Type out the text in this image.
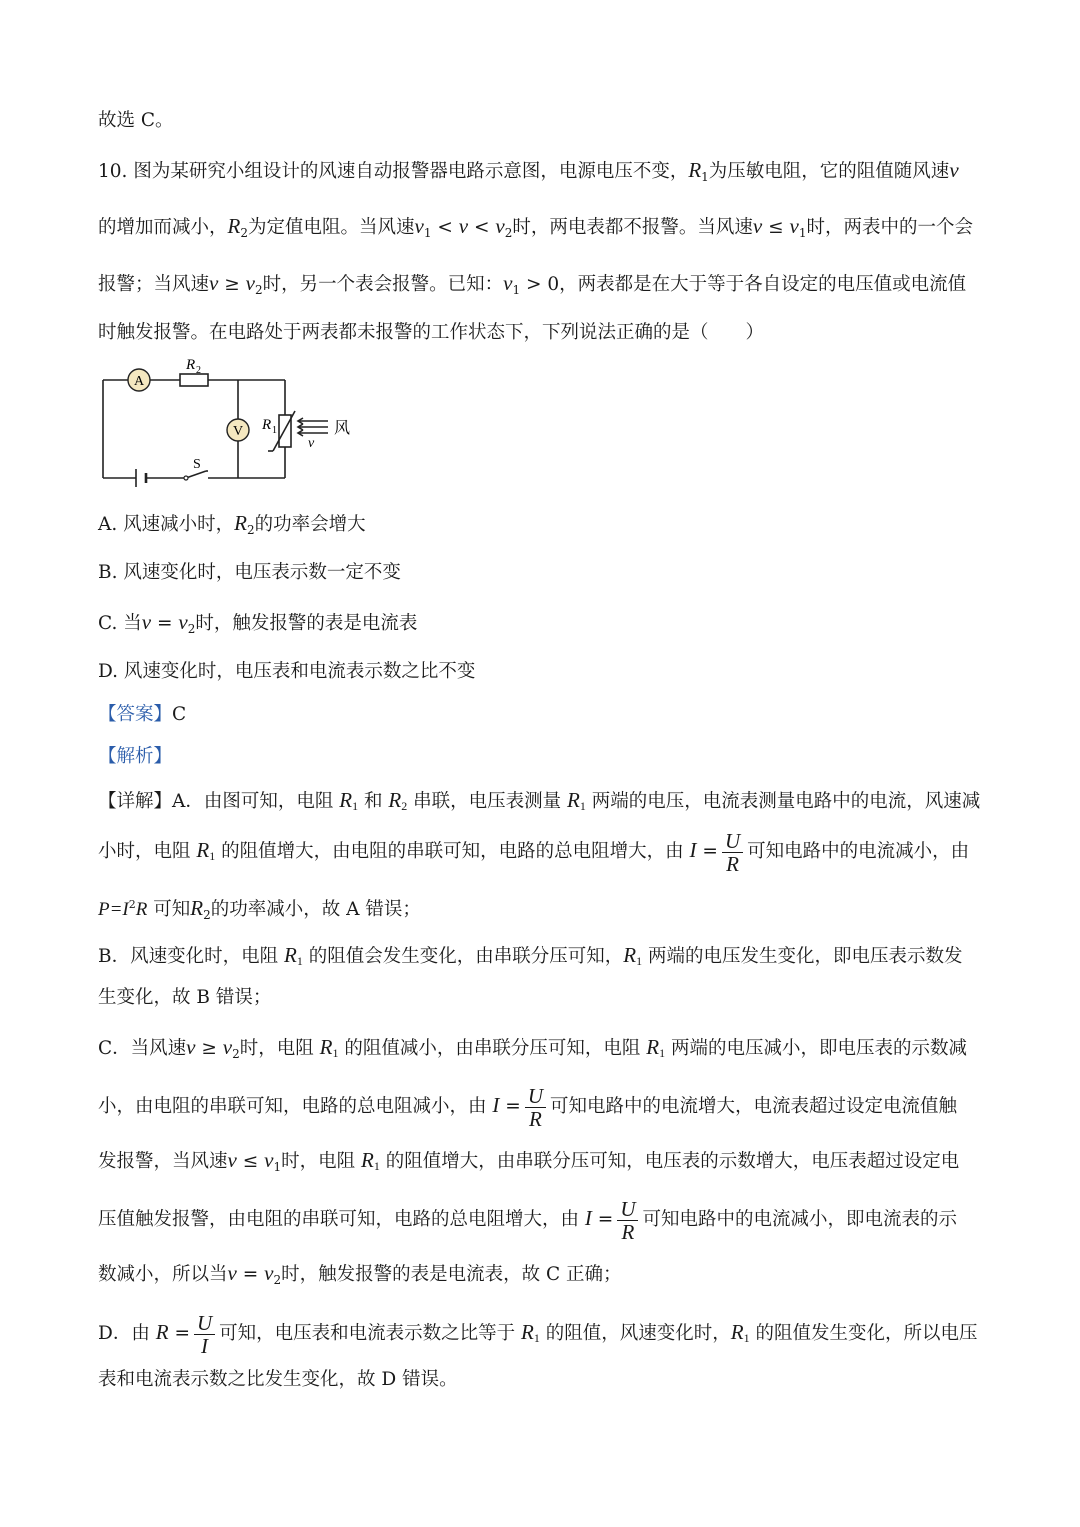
故选 C。
10. 图为某研究小组设计的风速自动报警器电路示意图，电源电压不变，$R_1$为压敏电阻，它的阻值随风速v
的增加而减小，$R_2$为定值电阻。当风速$v_1 < v < v_2$时，两电表都不报警。当风速$v \le v_1$时，两表中的一个会
报警；当风速$v \ge v_2$时，另一个表会报警。已知：$v_1 > 0$，两表都是在大于等于各自设定的电压值或电流值
时触发报警。在电路处于两表都未报警的工作状态下，下列说法正确的是（　　）
A
V
R 2
R 1
S
风
v
A. 风速减小时，$R_2$的功率会增大
B. 风速变化时，电压表示数一定不变
C. 当$v = v_2$时，触发报警的表是电流表
D. 风速变化时，电压表和电流表示数之比不变
【答案】C
【解析】
【详解】A．由图可知，电阻 R1 和 R2 串联，电压表测量 R1 两端的电压，电流表测量电路中的电流，风速减
小时，电阻 R1 的阻值增大，由电阻的串联可知，电路的总电阻增大，由 $I = \frac{U}{R}$ 可知电路中的电流减小，由
$P=I^2R$ 可知$R_2$的功率减小，故 A 错误；
B．风速变化时，电阻 R1 的阻值会发生变化，由串联分压可知，R1 两端的电压发生变化，即电压表示数发
生变化，故 B 错误；
C．当风速$v \ge v_2$时，电阻 R1 的阻值减小，由串联分压可知，电阻 R1 两端的电压减小，即电压表的示数减
小，由电阻的串联可知，电路的总电阻减小，由 $I = \frac{U}{R}$ 可知电路中的电流增大，电流表超过设定电流值触
发报警，当风速$v \le v_1$时，电阻 R1 的阻值增大，由串联分压可知，电压表的示数增大，电压表超过设定电
压值触发报警，由电阻的串联可知，电路的总电阻增大，由 $I = \frac{U}{R}$ 可知电路中的电流减小，即电流表的示
数减小，所以当$v = v_2$时，触发报警的表是电流表，故 C 正确；
D．由 $R = \frac{U}{I}$ 可知，电压表和电流表示数之比等于 R1 的阻值，风速变化时，R1 的阻值发生变化，所以电压
表和电流表示数之比发生变化，故 D 错误。
